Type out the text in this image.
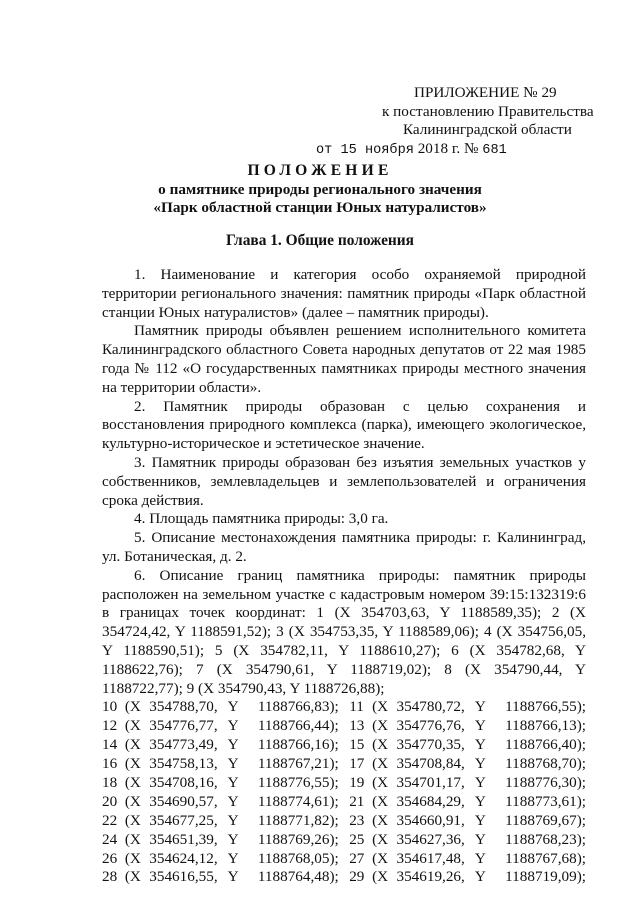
ПРИЛОЖЕНИЕ № 29
к постановлению Правительства
Калининградской области
от 15 ноября 2018 г. № 681
ПОЛОЖЕНИЕ
о памятнике природы регионального значения
«Парк областной станции Юных натуралистов»
Глава 1. Общие положения

1. Наименование и категория особо охраняемой природной территории регионального значения: памятник природы «Парк областной станции Юных натуралистов» (далее – памятник природы).

Памятник природы объявлен решением исполнительного комитета Калининградского областного Совета народных депутатов от 22 мая 1985 года № 112 «О государственных памятниках природы местного значения на территории области».

2. Памятник природы образован с целью сохранения и восстановления природного комплекса (парка), имеющего экологическое, культурно-историческое и эстетическое значение.

3. Памятник природы образован без изъятия земельных участков у собственников, землевладельцев и землепользователей и ограничения срока действия.

4. Площадь памятника природы: 3,0 га.

5. Описание местонахождения памятника природы: г. Калининград, ул. Ботаническая, д. 2.

6. Описание границ памятника природы: памятник природы расположен на земельном участке с кадастровым номером 39:15:132319:6 в границах точек координат: 1 (X 354703,63, Y 1188589,35); 2 (X 354724,42, Y 1188591,52); 3 (X 354753,35, Y 1188589,06); 4 (X 354756,05, Y 1188590,51); 5 (X 354782,11, Y 1188610,27); 6 (X 354782,68, Y 1188622,76); 7 (X 354790,61, Y 1188719,02); 8 (X 354790,44, Y 1188722,77); 9 (X 354790,43, Y 1188726,88);

10	(X 354788,70,	Y 1188766,83);		11	(X 354780,72,	Y 1188766,55);

12	(X 354776,77,	Y 1188766,44);		13	(X 354776,76,	Y 1188766,13);

14	(X 354773,49,	Y 1188766,16);		15	(X 354770,35,	Y 1188766,40);

16	(X 354758,13,	Y 1188767,21);		17	(X 354708,84,	Y 1188768,70);

18	(X 354708,16,	Y 1188776,55);		19	(X 354701,17,	Y 1188776,30);

20	(X 354690,57,	Y 1188774,61);		21	(X 354684,29,	Y 1188773,61);

22	(X 354677,25,	Y 1188771,82);		23	(X 354660,91,	Y 1188769,67);

24	(X 354651,39,	Y 1188769,26);		25	(X 354627,36,	Y 1188768,23);

26	(X 354624,12,	Y 1188768,05);		27	(X 354617,48,	Y 1188767,68);

28	(X 354616,55,	Y 1188764,48);		29	(X 354619,26,	Y 1188719,09);
